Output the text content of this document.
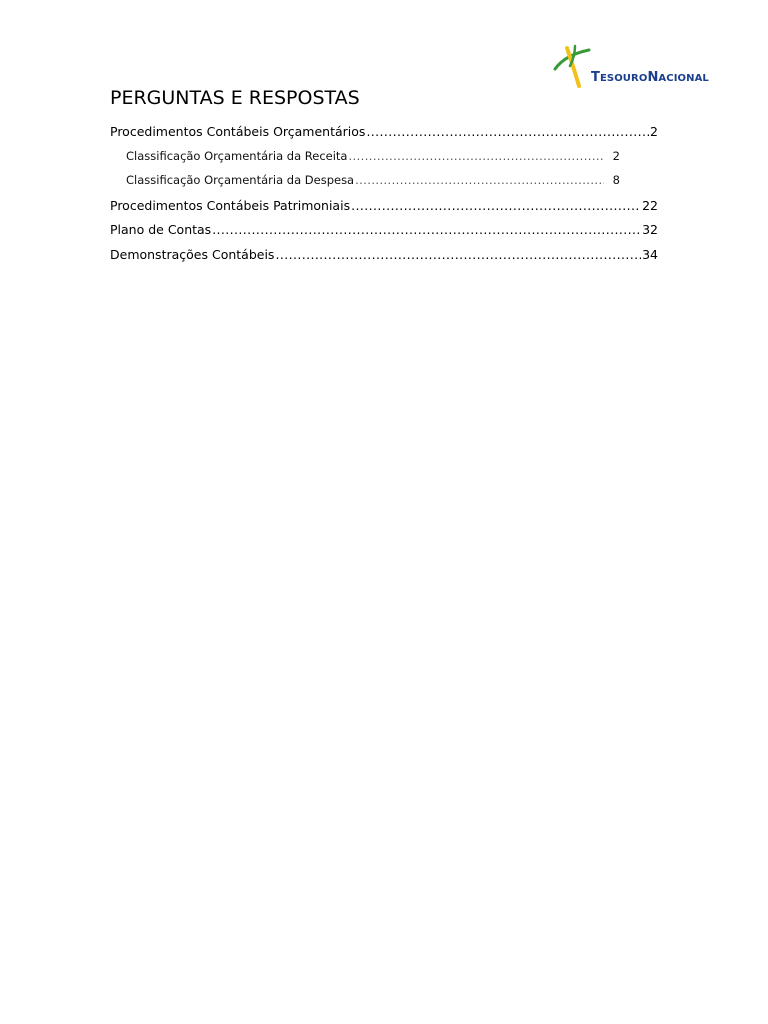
TESOURONACIONAL
PERGUNTAS E RESPOSTAS
Procedimentos Contábeis Orçamentários .....	2
Classificação Orçamentária da Receita .....	2
Classificação Orçamentária da Despesa .....	8
Procedimentos Contábeis Patrimoniais .....	22
Plano de Contas .....	32
Demonstrações Contábeis .....	34
